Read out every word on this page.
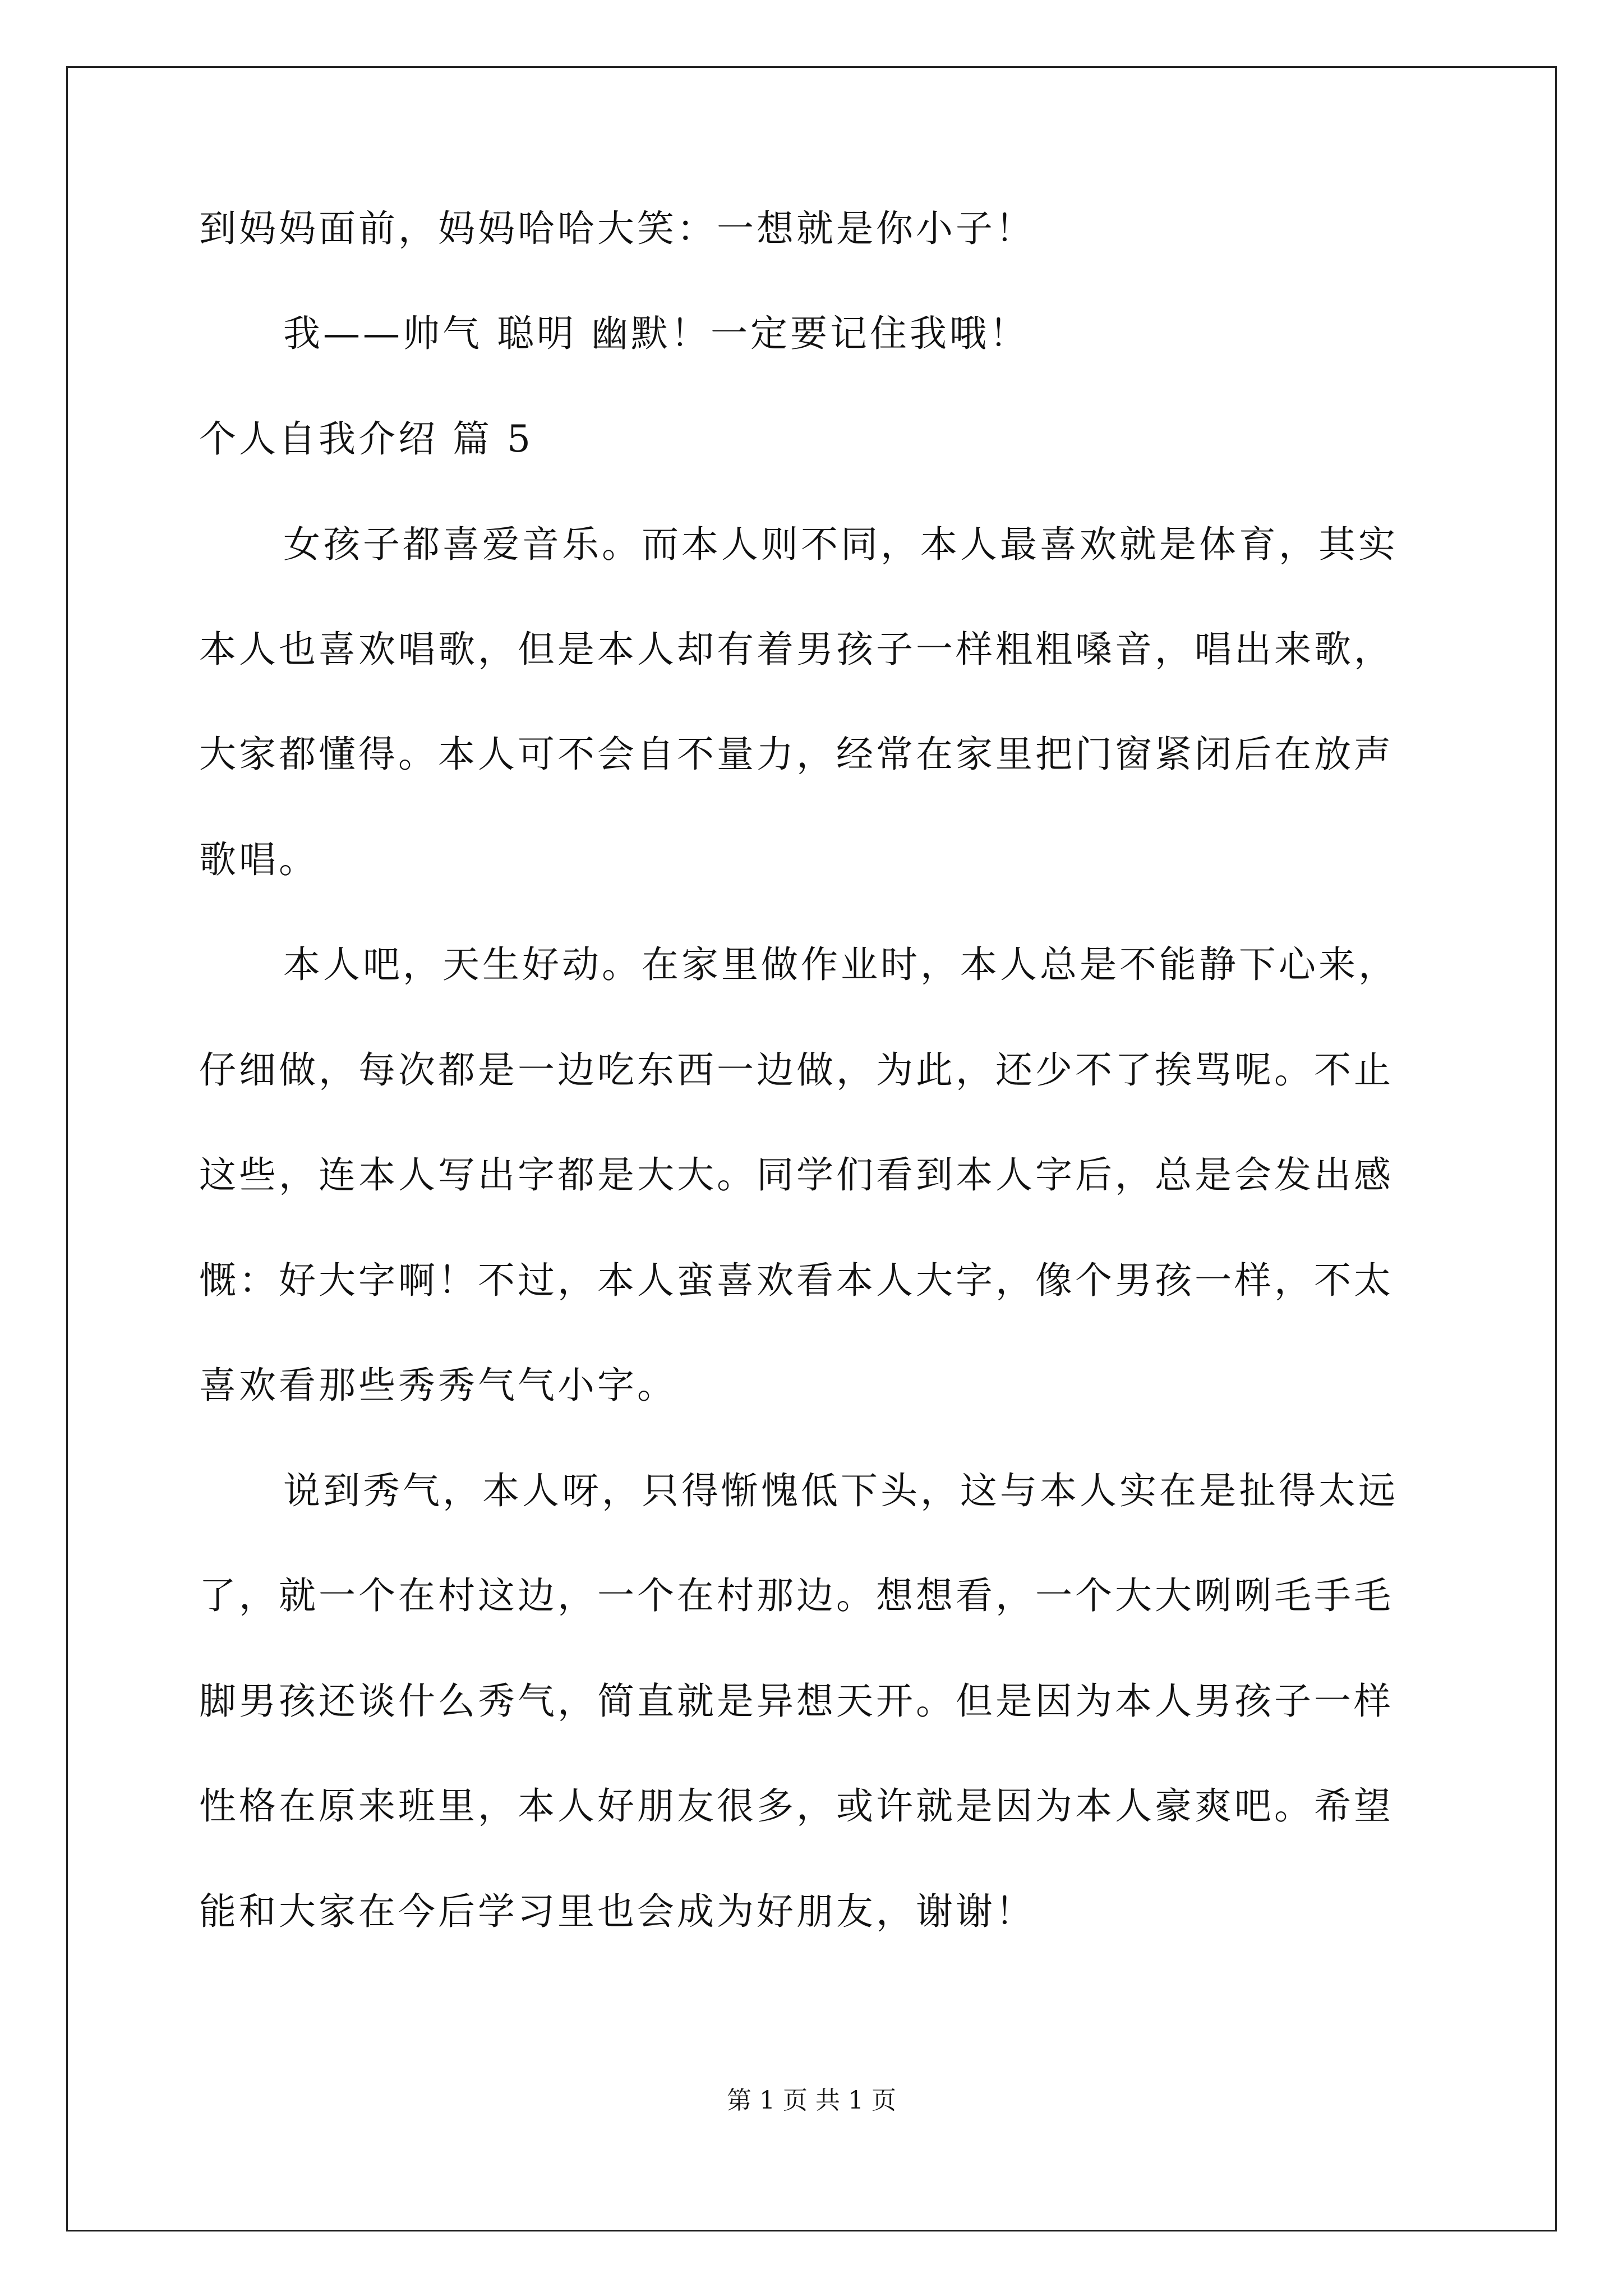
到妈妈面前，妈妈哈哈大笑：一想就是你小子！
我——帅气 聪明 幽默！一定要记住我哦！
个人自我介绍 篇 5
女孩子都喜爱音乐。而本人则不同，本人最喜欢就是体育，其实
本人也喜欢唱歌，但是本人却有着男孩子一样粗粗嗓音，唱出来歌，
大家都懂得。本人可不会自不量力，经常在家里把门窗紧闭后在放声
歌唱。
本人吧，天生好动。在家里做作业时，本人总是不能静下心来，
仔细做，每次都是一边吃东西一边做，为此，还少不了挨骂呢。不止
这些，连本人写出字都是大大。同学们看到本人字后，总是会发出感
慨：好大字啊！不过，本人蛮喜欢看本人大字，像个男孩一样，不太
喜欢看那些秀秀气气小字。
说到秀气，本人呀，只得惭愧低下头，这与本人实在是扯得太远
了，就一个在村这边，一个在村那边。想想看，一个大大咧咧毛手毛
脚男孩还谈什么秀气，简直就是异想天开。但是因为本人男孩子一样
性格在原来班里，本人好朋友很多，或许就是因为本人豪爽吧。希望
能和大家在今后学习里也会成为好朋友，谢谢！
第 1 页 共 1 页
